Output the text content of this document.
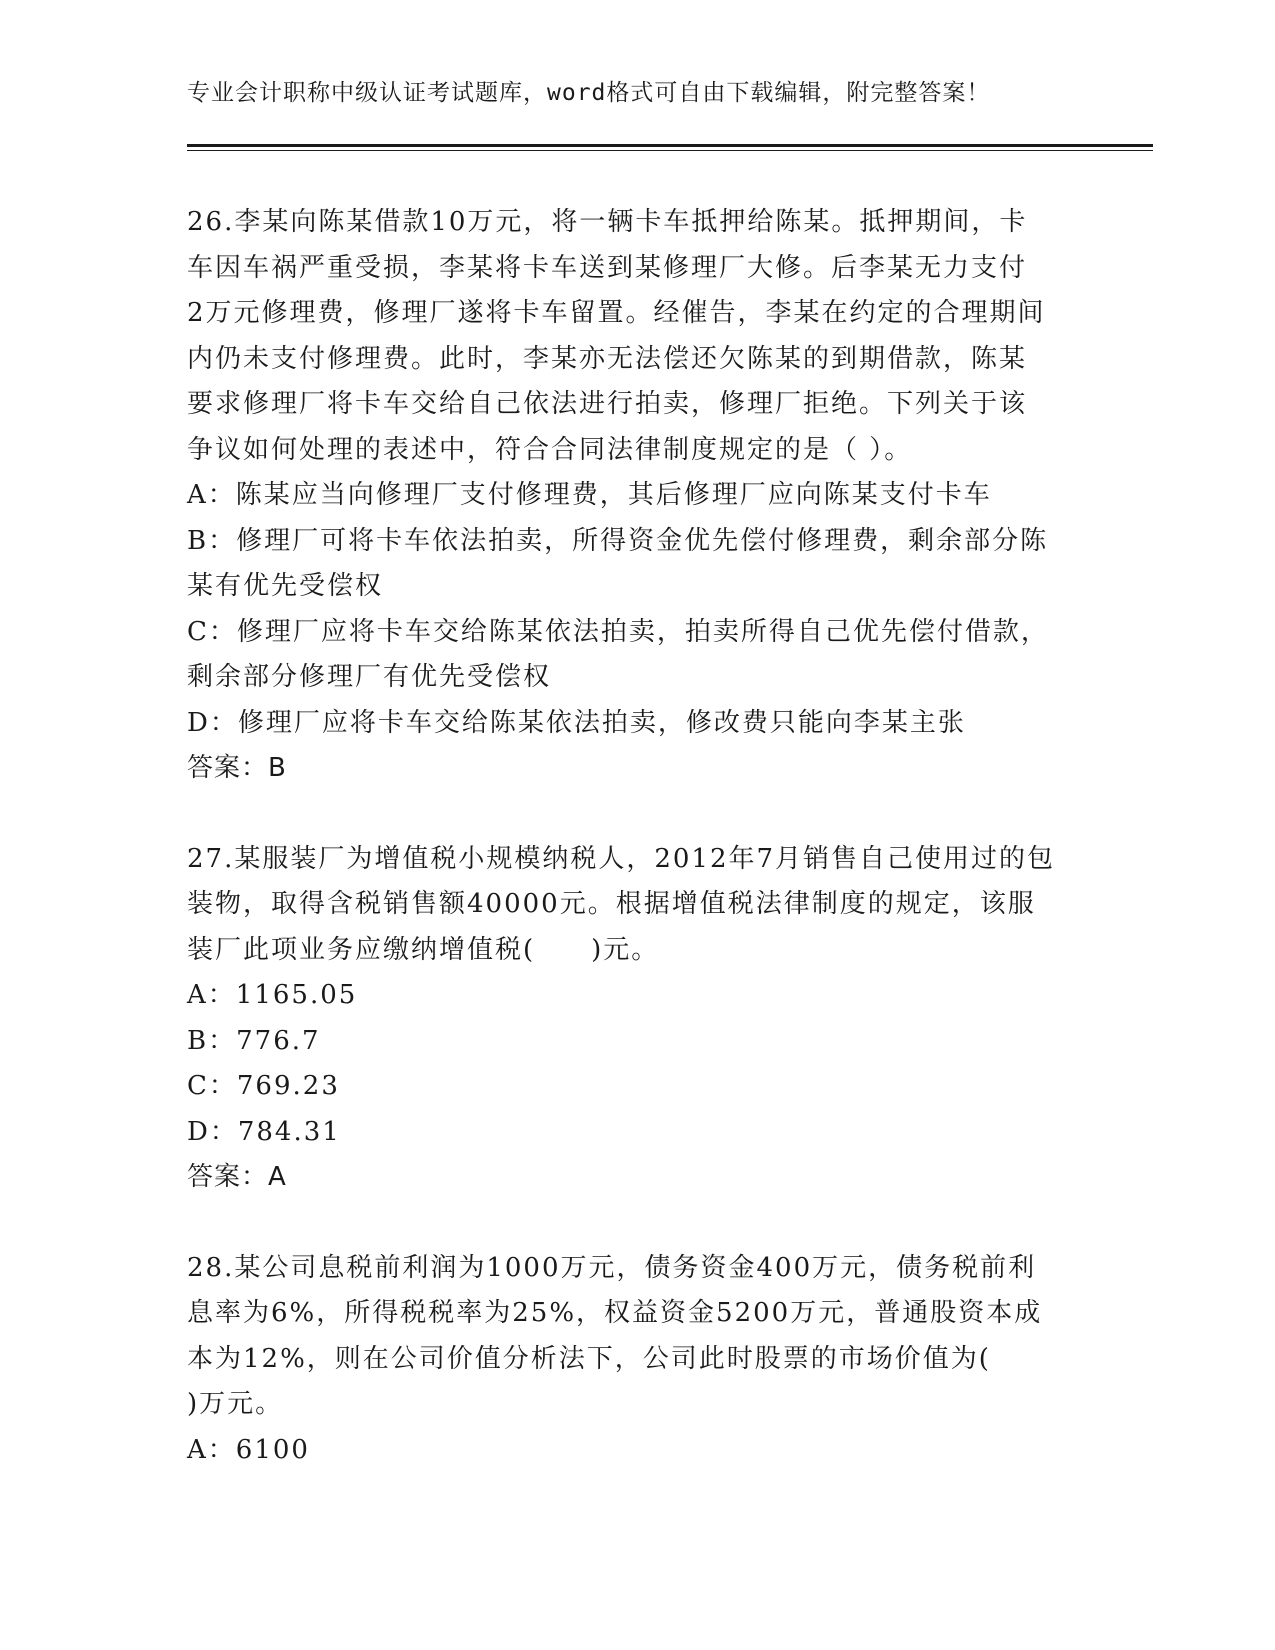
专业会计职称中级认证考试题库，word格式可自由下载编辑，附完整答案！
26.李某向陈某借款10万元，将一辆卡车抵押给陈某。抵押期间，卡
车因车祸严重受损，李某将卡车送到某修理厂大修。后李某无力支付
2万元修理费，修理厂遂将卡车留置。经催告，李某在约定的合理期间
内仍未支付修理费。此时，李某亦无法偿还欠陈某的到期借款，陈某
要求修理厂将卡车交给自己依法进行拍卖，修理厂拒绝。下列关于该
争议如何处理的表述中，符合合同法律制度规定的是（ ）。
A：陈某应当向修理厂支付修理费，其后修理厂应向陈某支付卡车
B：修理厂可将卡车依法拍卖，所得资金优先偿付修理费，剩余部分陈
某有优先受偿权
C：修理厂应将卡车交给陈某依法拍卖，拍卖所得自己优先偿付借款，
剩余部分修理厂有优先受偿权
D：修理厂应将卡车交给陈某依法拍卖，修改费只能向李某主张
答案：B
27.某服装厂为增值税小规模纳税人，2012年7月销售自己使用过的包
装物，取得含税销售额40000元。根据增值税法律制度的规定，该服
装厂此项业务应缴纳增值税(　　)元。
A：1165.05
B：776.7
C：769.23
D：784.31
答案：A
28.某公司息税前利润为1000万元，债务资金400万元，债务税前利
息率为6%，所得税税率为25%，权益资金5200万元，普通股资本成
本为12%，则在公司价值分析法下，公司此时股票的市场价值为(
)万元。
A：6100
